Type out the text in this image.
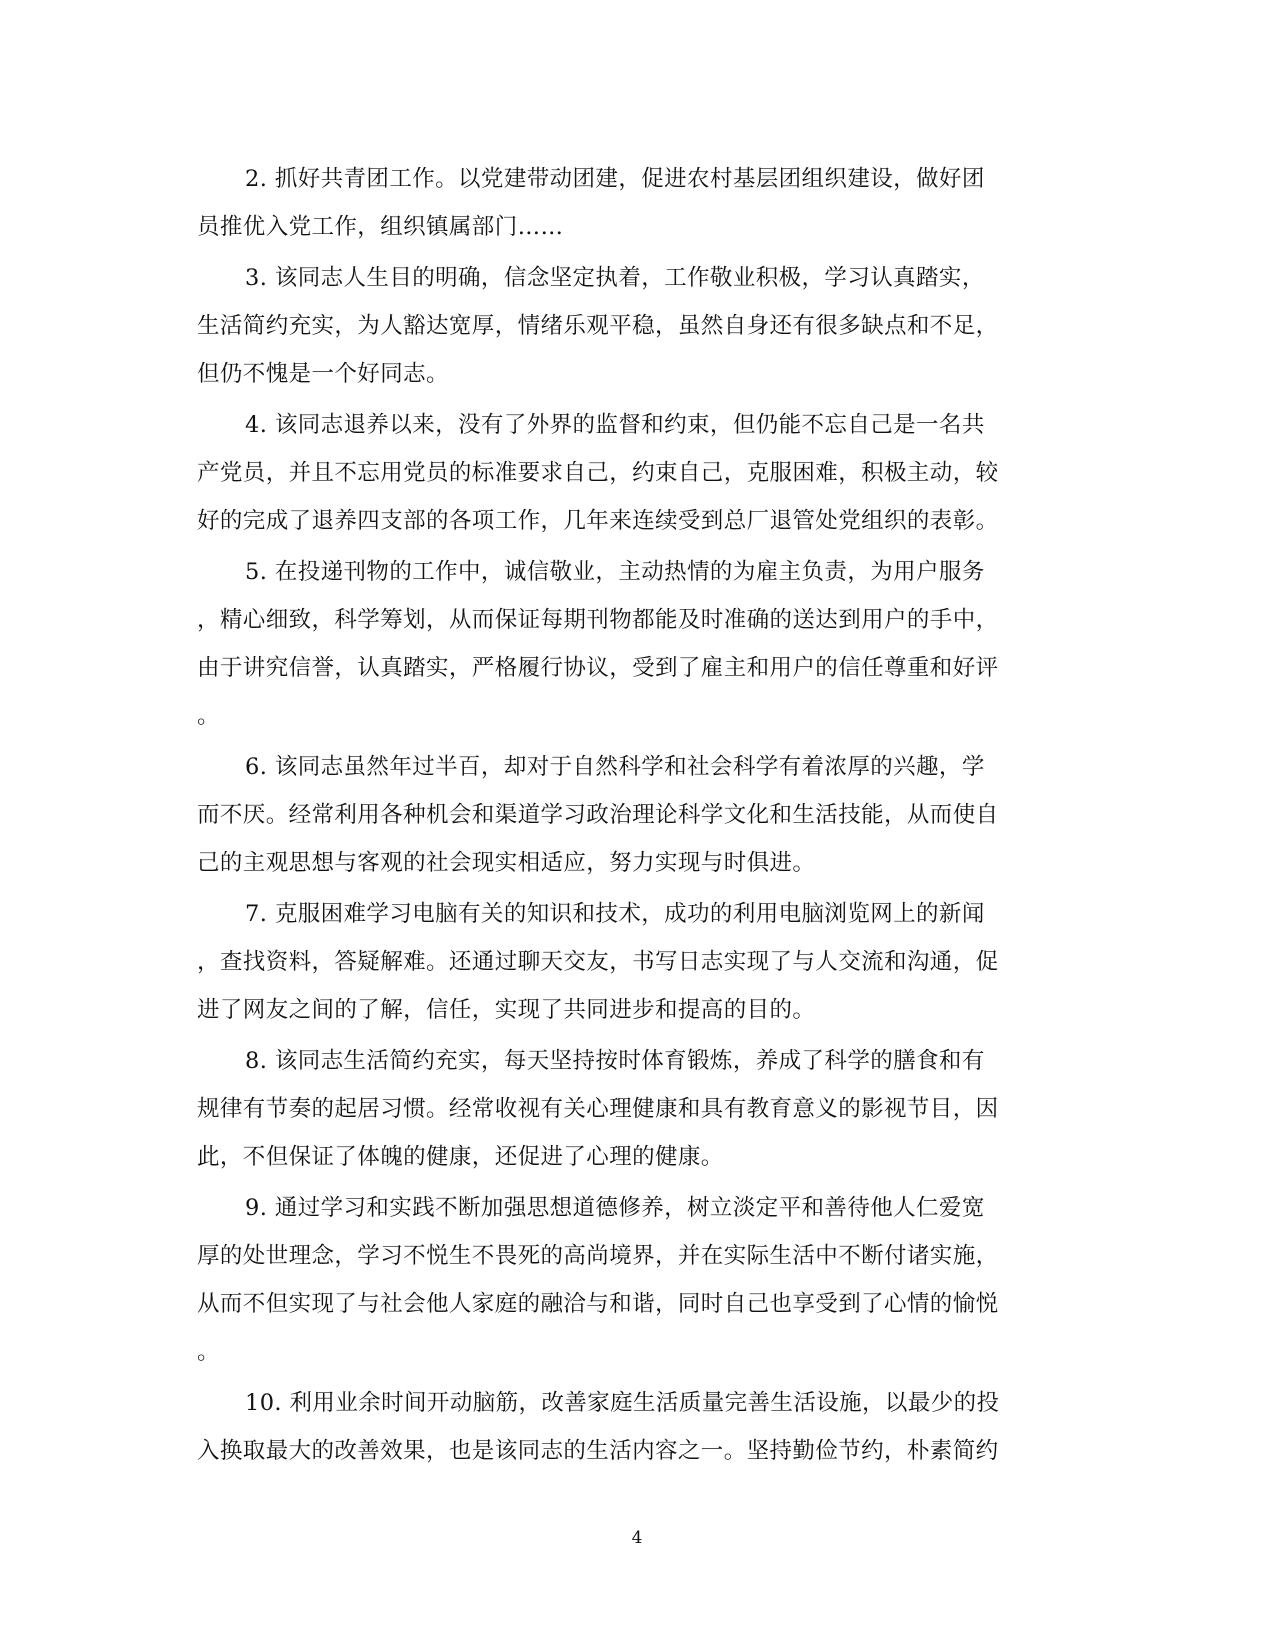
2. 抓好共青团工作。以党建带动团建，促进农村基层团组织建设，做好团
员推优入党工作，组织镇属部门……
3. 该同志人生目的明确，信念坚定执着，工作敬业积极，学习认真踏实，
生活简约充实，为人豁达宽厚，情绪乐观平稳，虽然自身还有很多缺点和不足，
但仍不愧是一个好同志。
4. 该同志退养以来，没有了外界的监督和约束，但仍能不忘自己是一名共
产党员，并且不忘用党员的标准要求自己，约束自己，克服困难，积极主动，较
好的完成了退养四支部的各项工作，几年来连续受到总厂退管处党组织的表彰。
5. 在投递刊物的工作中，诚信敬业，主动热情的为雇主负责，为用户服务
，精心细致，科学筹划，从而保证每期刊物都能及时准确的送达到用户的手中，
由于讲究信誉，认真踏实，严格履行协议，受到了雇主和用户的信任尊重和好评
。
6. 该同志虽然年过半百，却对于自然科学和社会科学有着浓厚的兴趣，学
而不厌。经常利用各种机会和渠道学习政治理论科学文化和生活技能，从而使自
己的主观思想与客观的社会现实相适应，努力实现与时俱进。
7. 克服困难学习电脑有关的知识和技术，成功的利用电脑浏览网上的新闻
，查找资料，答疑解难。还通过聊天交友，书写日志实现了与人交流和沟通，促
进了网友之间的了解，信任，实现了共同进步和提高的目的。
8. 该同志生活简约充实，每天坚持按时体育锻炼，养成了科学的膳食和有
规律有节奏的起居习惯。经常收视有关心理健康和具有教育意义的影视节目，因
此，不但保证了体魄的健康，还促进了心理的健康。
9. 通过学习和实践不断加强思想道德修养，树立淡定平和善待他人仁爱宽
厚的处世理念，学习不悦生不畏死的高尚境界，并在实际生活中不断付诸实施，
从而不但实现了与社会他人家庭的融洽与和谐，同时自己也享受到了心情的愉悦
。
10. 利用业余时间开动脑筋，改善家庭生活质量完善生活设施，以最少的投
入换取最大的改善效果，也是该同志的生活内容之一。坚持勤俭节约，朴素简约
4
